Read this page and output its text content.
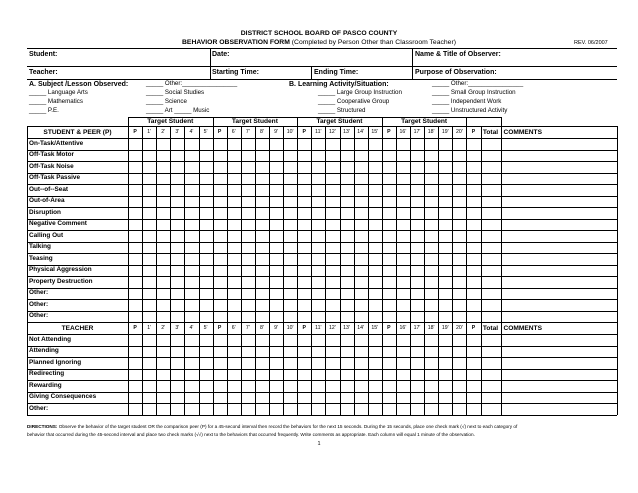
DISTRICT SCHOOL BOARD OF PASCO COUNTY
BEHAVIOR OBSERVATION FORM (Completed by Person Other than Classroom Teacher)	REV. 06/2007
Student:	Date:	Name & Title of Observer:
Teacher:	Starting Time:	Ending Time:	Purpose of Observation:
A. Subject /Lesson Observed:	B. Learning Activity/Situation:
_____ Language Arts
_____ Mathematics
_____ P.E.
_____ Other:________________
_____ Social Studies
_____ Science
_____ Art _____ Music
_____ Large Group Instruction
_____ Cooperative Group
_____ Structured
_____ Other:________________
_____ Small Group Instruction
_____ Independent Work
_____ Unstructured Activity
Target Student	Target Student	Target Student	Target Student
STUDENT & PEER (P)	P	1'	2'	3'	4'	5'	P	6'	7'	8'	9'	10'	P	11'	12'	13'	14'	15'	P	16'	17'	18'	19'	20'	P	Total COMMENTS
On-Task/Attentive
Off-Task Motor
Off-Task Noise
Off-Task Passive
Out--of--Seat
Out-of-Area
Disruption
Negative Comment
Calling Out
Talking
Teasing
Physical Aggression
Property Destruction
Other:
Other:
Other:
TEACHER	P	1'	2'	3'	4'	5'	P	6'	7'	8'	9'	10'	P	11'	12'	13'	14'	15'	P	16'	17'	18'	19'	20'	P	Total COMMENTS
Not Attending
Attending
Planned Ignoring
Redirecting
Rewarding
Giving Consequences
Other:
DIRECTIONS: Observe the behavior of the target student OR the comparison peer (P) for a 45-second interval then record the behaviors for the next 15 seconds. During the 15 seconds, place one check mark (√) next to each category of
behavior that occurred during the 45-second interval and place two check marks (√√) next to the behaviors that occurred frequently. Write comments as appropriate. Each column will equal 1 minute of the observation.
1
